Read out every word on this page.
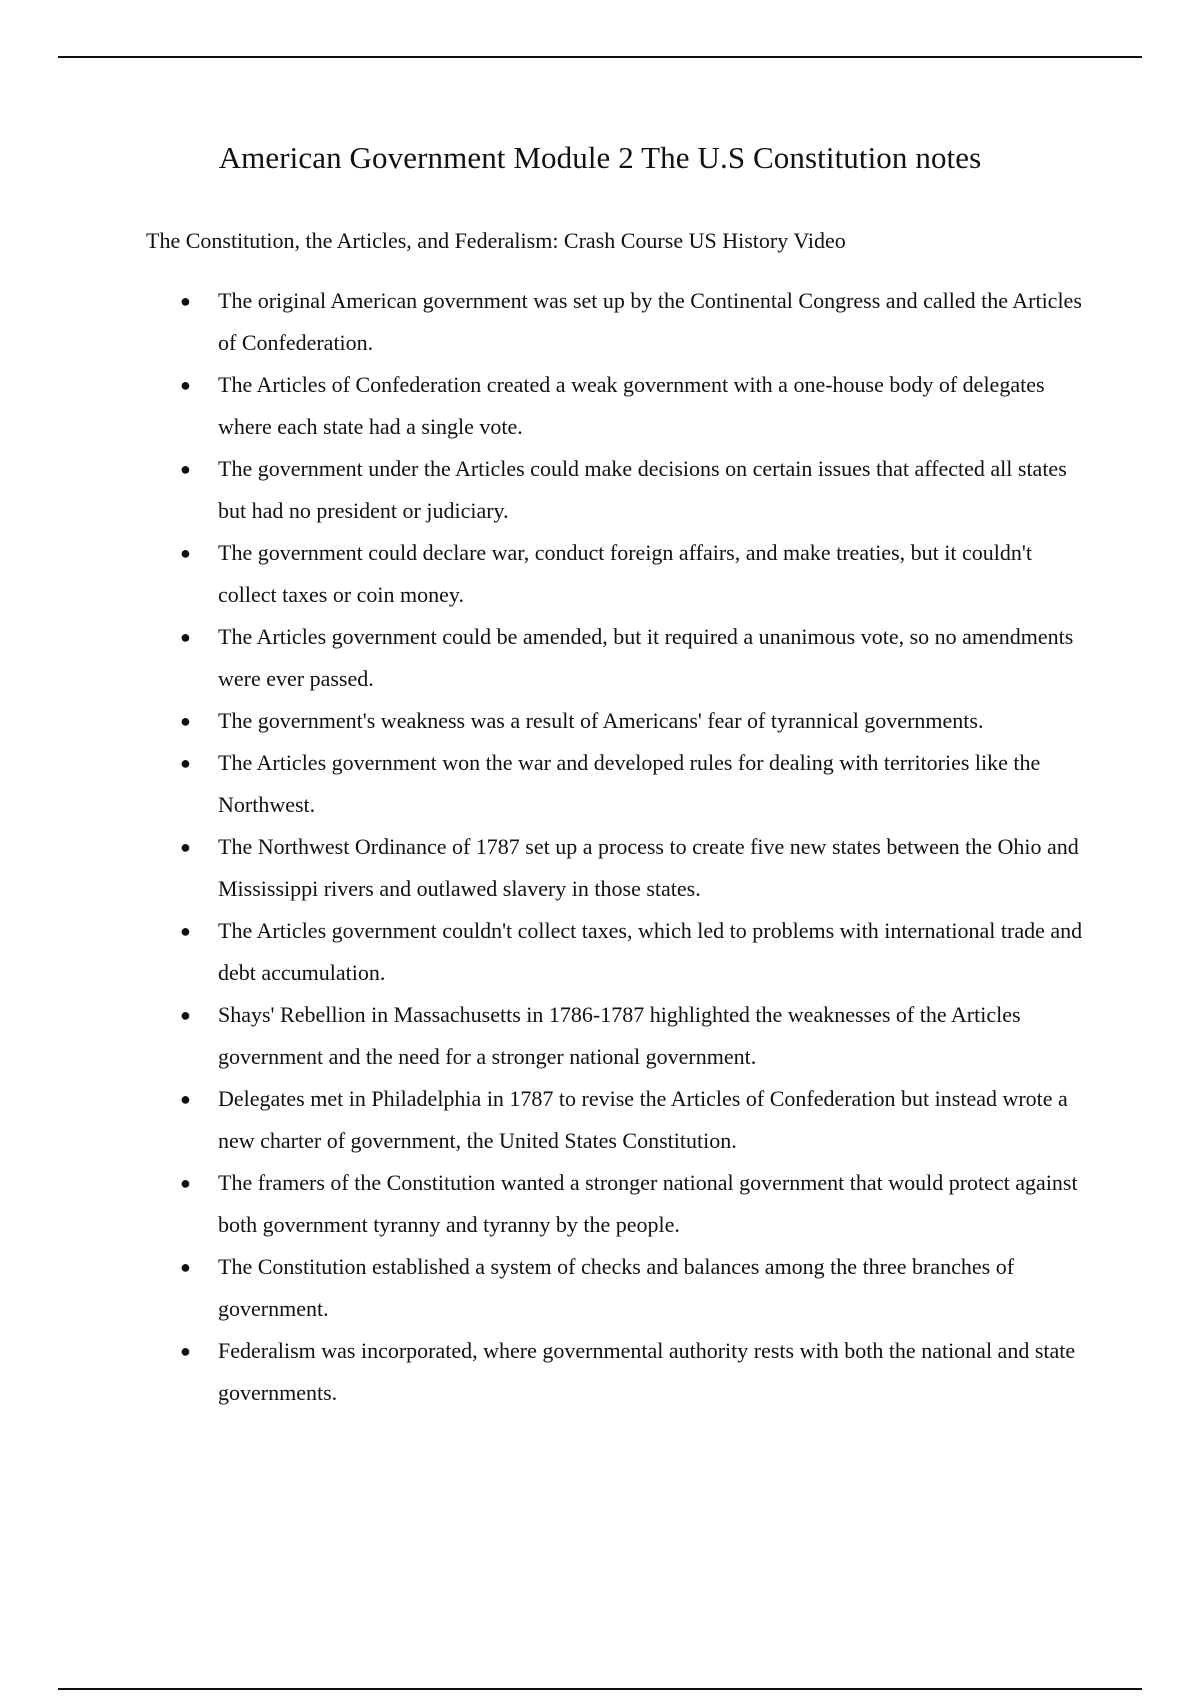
American Government Module 2 The U.S Constitution notes

The Constitution, the Articles, and Federalism: Crash Course US History Video

● The original American government was set up by the Continental Congress and called the Articles of Confederation.
● The Articles of Confederation created a weak government with a one-house body of delegates where each state had a single vote.
● The government under the Articles could make decisions on certain issues that affected all states but had no president or judiciary.
● The government could declare war, conduct foreign affairs, and make treaties, but it couldn't collect taxes or coin money.
● The Articles government could be amended, but it required a unanimous vote, so no amendments were ever passed.
● The government's weakness was a result of Americans' fear of tyrannical governments.
● The Articles government won the war and developed rules for dealing with territories like the Northwest.
● The Northwest Ordinance of 1787 set up a process to create five new states between the Ohio and Mississippi rivers and outlawed slavery in those states.
● The Articles government couldn't collect taxes, which led to problems with international trade and debt accumulation.
● Shays' Rebellion in Massachusetts in 1786-1787 highlighted the weaknesses of the Articles government and the need for a stronger national government.
● Delegates met in Philadelphia in 1787 to revise the Articles of Confederation but instead wrote a new charter of government, the United States Constitution.
● The framers of the Constitution wanted a stronger national government that would protect against both government tyranny and tyranny by the people.
● The Constitution established a system of checks and balances among the three branches of government.
● Federalism was incorporated, where governmental authority rests with both the national and state governments.
